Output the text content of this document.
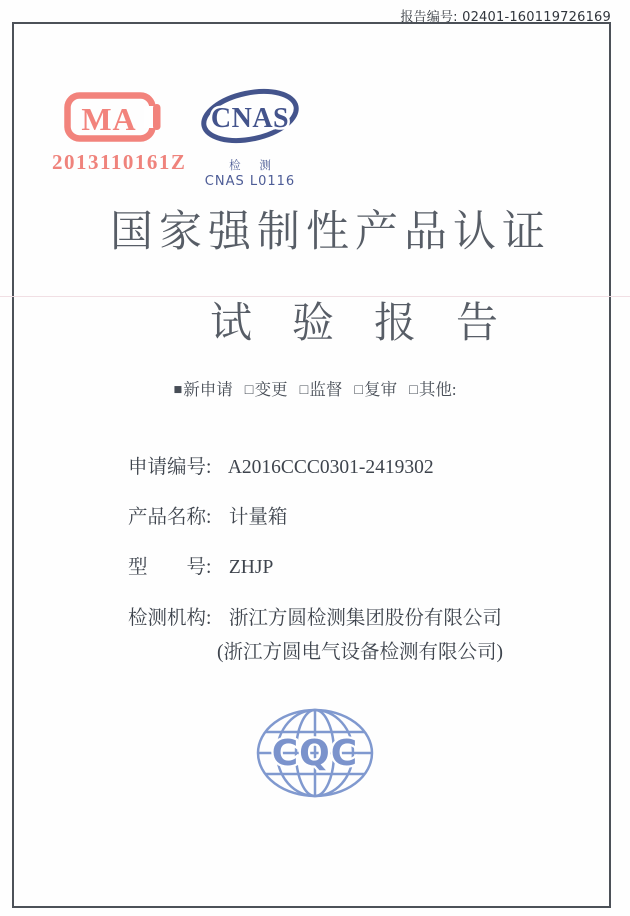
报告编号: 02401-160119726169
MA
2013110161Z
CNAS
检 测
CNAS L0116
国家强制性产品认证
试验报告
■新申请 □变更 □监督 □复审 □其他:
申请编号: A2016CCC0301-2419302
产品名称: 计量箱
型　　号: ZHJP
检测机构: 浙江方圆检测集团股份有限公司
(浙江方圆电气设备检测有限公司)
CQC
